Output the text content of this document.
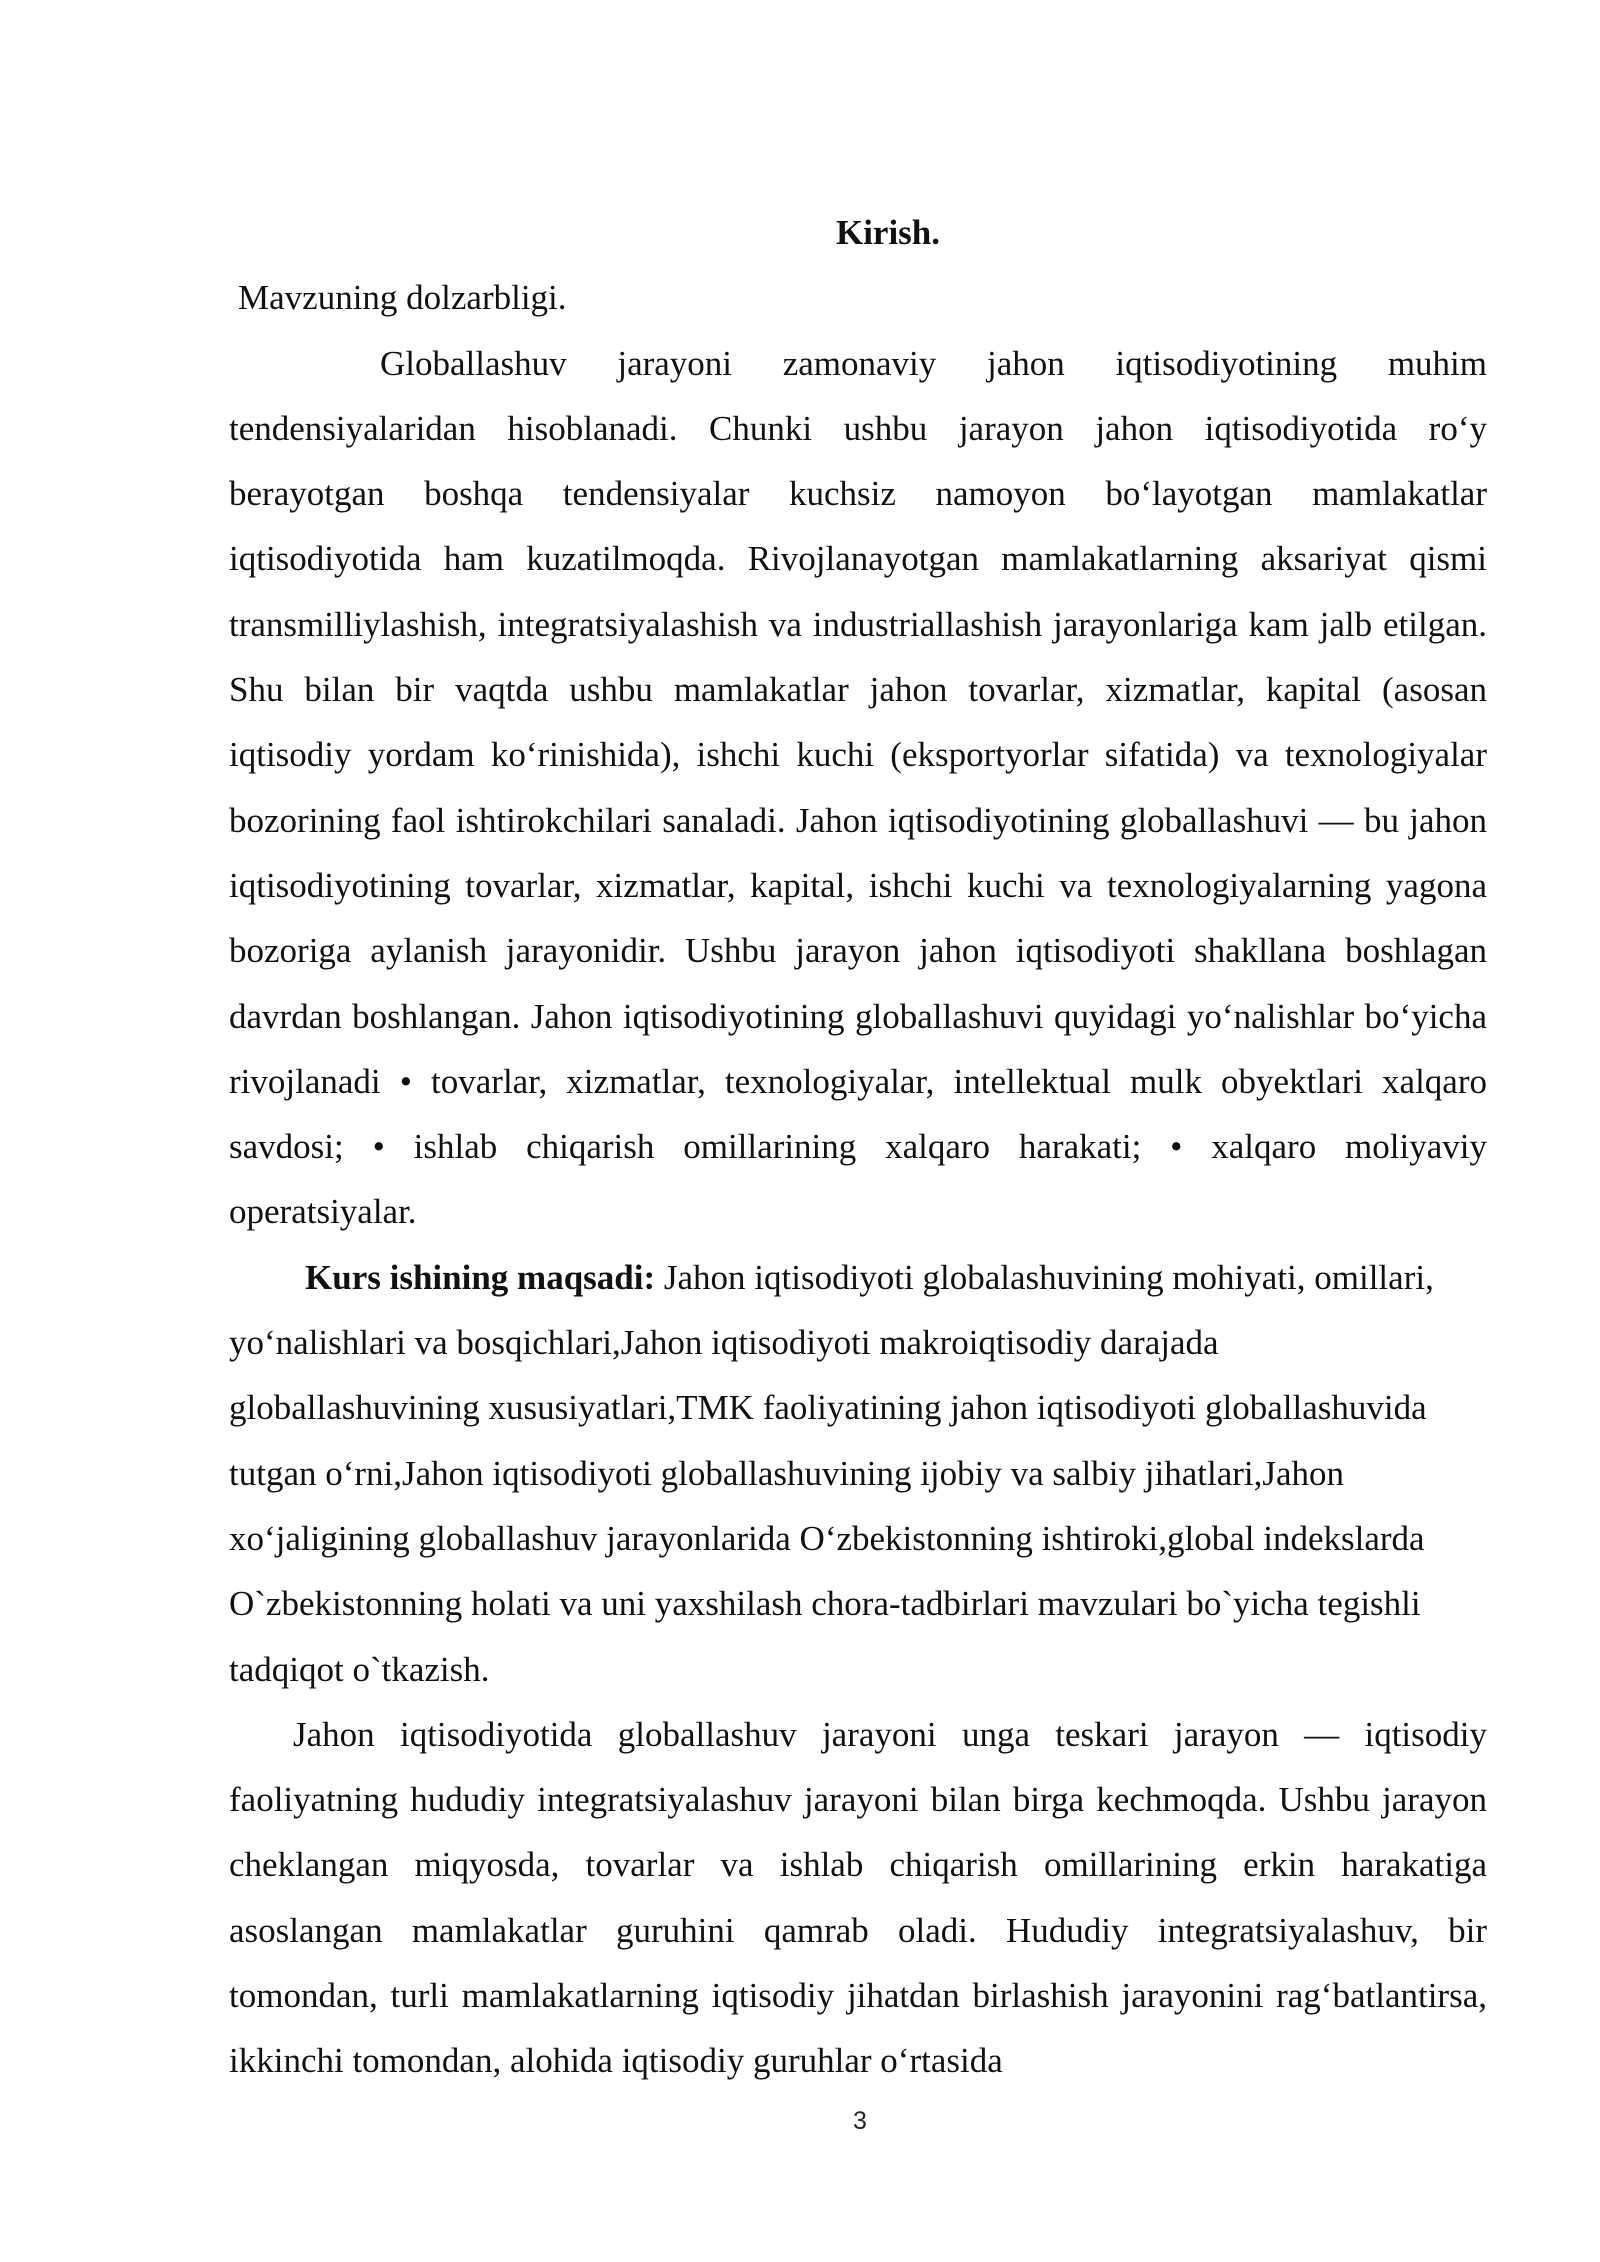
Kirish.

Mavzuning dolzarbligi.

Globallashuv jarayoni zamonaviy jahon iqtisodiyotining muhim tendensiyalaridan hisoblanadi. Chunki ushbu jarayon jahon iqtisodiyotida ro‘y berayotgan boshqa tendensiyalar kuchsiz namoyon bo‘layotgan mamlakatlar iqtisodiyotida ham kuzatilmoqda. Rivojlanayotgan mamlakatlarning aksariyat qismi transmilliylashish, integratsiyalashish va industriallashish jarayonlariga kam jalb etilgan. Shu bilan bir vaqtda ushbu mamlakatlar jahon tovarlar, xizmatlar, kapital (asosan iqtisodiy yordam ko‘rinishida), ishchi kuchi (eksportyorlar sifatida) va texnologiyalar bozorining faol ishtirokchilari sanaladi. Jahon iqtisodiyotining globallashuvi — bu jahon iqtisodiyotining tovarlar, xizmatlar, kapital, ishchi kuchi va texnologiyalarning yagona bozoriga aylanish jarayonidir. Ushbu jarayon jahon iqtisodiyoti shakllana boshlagan davrdan boshlangan. Jahon iqtisodiyotining globallashuvi quyidagi yo‘nalishlar bo‘yicha rivojlanadi • tovarlar, xizmatlar, texnologiyalar, intellektual mulk obyektlari xalqaro savdosi; • ishlab chiqarish omillarining xalqaro harakati; • xalqaro moliyaviy operatsiyalar.

Kurs ishining maqsadi: Jahon iqtisodiyoti globalashuvining mohiyati, omillari, yo‘nalishlari va bosqichlari,Jahon iqtisodiyoti makroiqtisodiy darajada globallashuvining xususiyatlari,TMK faoliyatining jahon iqtisodiyoti globallashuvida tutgan o‘rni,Jahon iqtisodiyoti globallashuvining ijobiy va salbiy jihatlari,Jahon xo‘jaligining globallashuv jarayonlarida O‘zbekistonning ishtiroki,global indekslarda O`zbekistonning holati va uni yaxshilash chora-tadbirlari mavzulari bo`yicha tegishli tadqiqot o`tkazish.

Jahon iqtisodiyotida globallashuv jarayoni unga teskari jarayon — iqtisodiy faoliyatning hududiy integratsiyalashuv jarayoni bilan birga kechmoqda. Ushbu jarayon cheklangan miqyosda, tovarlar va ishlab chiqarish omillarining erkin harakatiga asoslangan mamlakatlar guruhini qamrab oladi. Hududiy integratsiyalashuv, bir tomondan, turli mamlakatlarning iqtisodiy jihatdan birlashish jarayonini rag‘batlantirsa, ikkinchi tomondan, alohida iqtisodiy guruhlar o‘rtasida

3
